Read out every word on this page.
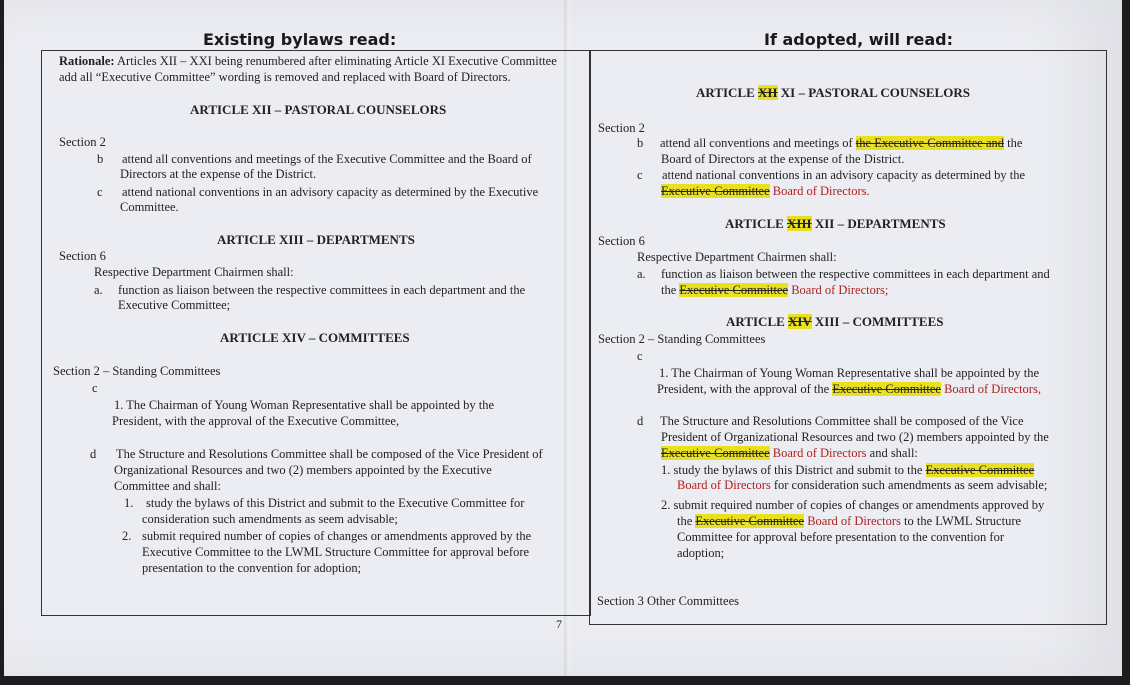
Existing bylaws read:
Rationale: Articles XII – XXI being renumbered after eliminating Article XI Executive Committee
add all “Executive Committee” wording is removed and replaced with Board of Directors.
ARTICLE XII – PASTORAL COUNSELORS
Section 2
b attend all conventions and meetings of the Executive Committee and the Board of
Directors at the expense of the District.
c attend national conventions in an advisory capacity as determined by the Executive
Committee.
ARTICLE XIII – DEPARTMENTS
Section 6
Respective Department Chairmen shall:
a. function as liaison between the respective committees in each department and the
Executive Committee;
ARTICLE XIV – COMMITTEES
Section 2 – Standing Committees
c
1. The Chairman of Young Woman Representative shall be appointed by the
President, with the approval of the Executive Committee,
d The Structure and Resolutions Committee shall be composed of the Vice President of
Organizational Resources and two (2) members appointed by the Executive
Committee and shall:
1. study the bylaws of this District and submit to the Executive Committee for
consideration such amendments as seem advisable;
2. submit required number of copies of changes or amendments approved by the
Executive Committee to the LWML Structure Committee for approval before
presentation to the convention for adoption;
7
If adopted, will read:
ARTICLE XII XI – PASTORAL COUNSELORS
Section 2
b attend all conventions and meetings of the Executive Committee and the
Board of Directors at the expense of the District.
c attend national conventions in an advisory capacity as determined by the
Executive Committee Board of Directors.
ARTICLE XIII XII – DEPARTMENTS
Section 6
Respective Department Chairmen shall:
a. function as liaison between the respective committees in each department and
the Executive Committee Board of Directors;
ARTICLE XIV XIII – COMMITTEES
Section 2 – Standing Committees
c
1. The Chairman of Young Woman Representative shall be appointed by the
President, with the approval of the Executive Committee Board of Directors,
d The Structure and Resolutions Committee shall be composed of the Vice
President of Organizational Resources and two (2) members appointed by the
Executive Committee Board of Directors and shall:
1. study the bylaws of this District and submit to the Executive Committee
Board of Directors for consideration such amendments as seem advisable;
2. submit required number of copies of changes or amendments approved by
the Executive Committee Board of Directors to the LWML Structure
Committee for approval before presentation to the convention for
adoption;
Section 3 Other Committees
